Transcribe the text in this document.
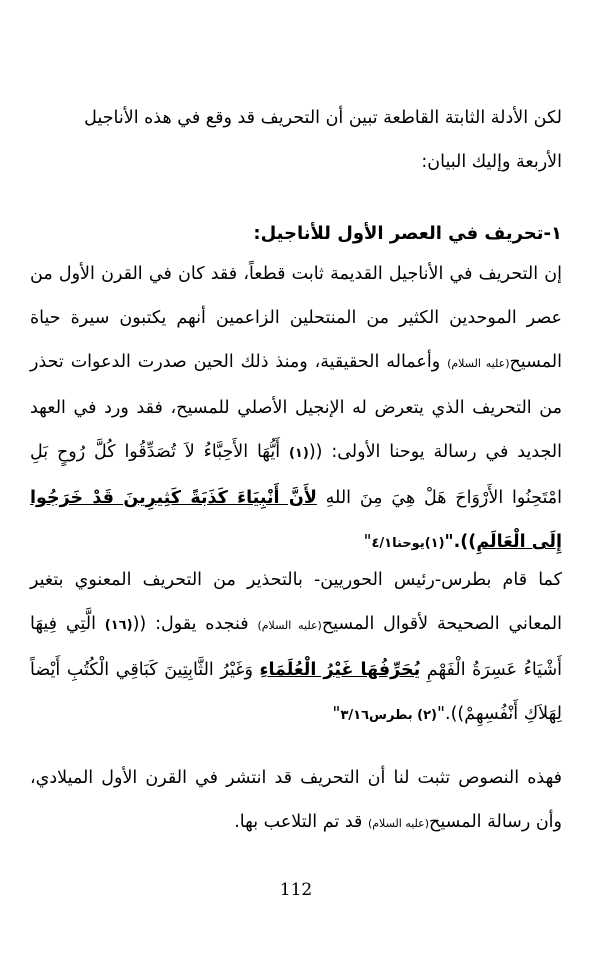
لكن الأدلة الثابتة القاطعة تبين أن التحريف قد وقع في هذه الأناجيل
الأربعة وإليك البيان:
١-تحريف في العصر الأول للأناجيل:
إن التحريف في الأناجيل القديمة ثابت قطعاً، فقد كان في القرن الأول من عصر الموحدين الكثير من المنتحلين الزاعمين أنهم يكتبون سيرة حياة المسيح(عليه السلام) وأعماله الحقيقية، ومنذ ذلك الحين صدرت الدعوات تحذر من التحريف الذي يتعرض له الإنجيل الأصلي للمسيح، فقد ورد في العهد الجديد في رسالة يوحنا الأولى: (((١) أَيُّهَا الأَحِبَّاءُ لاَ تُصَدِّقُوا كُلَّ رُوحٍ بَلِ امْتَحِنُوا الأَرْوَاحَ هَلْ هِيَ مِنَ اللهِ لأَنَّ أَنْبِيَاءَ كَذَبَةً كَثِيرِينَ قَدْ خَرَجُوا إِلَى الْعَالَمِ))."(١)يوحنا٤/١"
كما قام بطرس-رئيس الحوريين- بالتحذير من التحريف المعنوي بتغير المعاني الصحيحة لأقوال المسيح(عليه السلام) فنجده يقول: (((١٦) الَّتِي فِيهَا أَشْيَاءُ عَسِرَةُ الْفَهْمِ يُحَرِّفُهَا غَيْرُ الْعُلَمَاءِ وَغَيْرُ الثَّابِتِينَ كَبَاقِي الْكُتُبِ أَيْضاً لِهَلاَكِ أَنْفُسِهِمْ))."(٢) بطرس٣/١٦"
فهذه النصوص تثبت لنا أن التحريف قد انتشر في القرن الأول الميلادي، وأن رسالة المسيح(عليه السلام) قد تم التلاعب بها.
112
